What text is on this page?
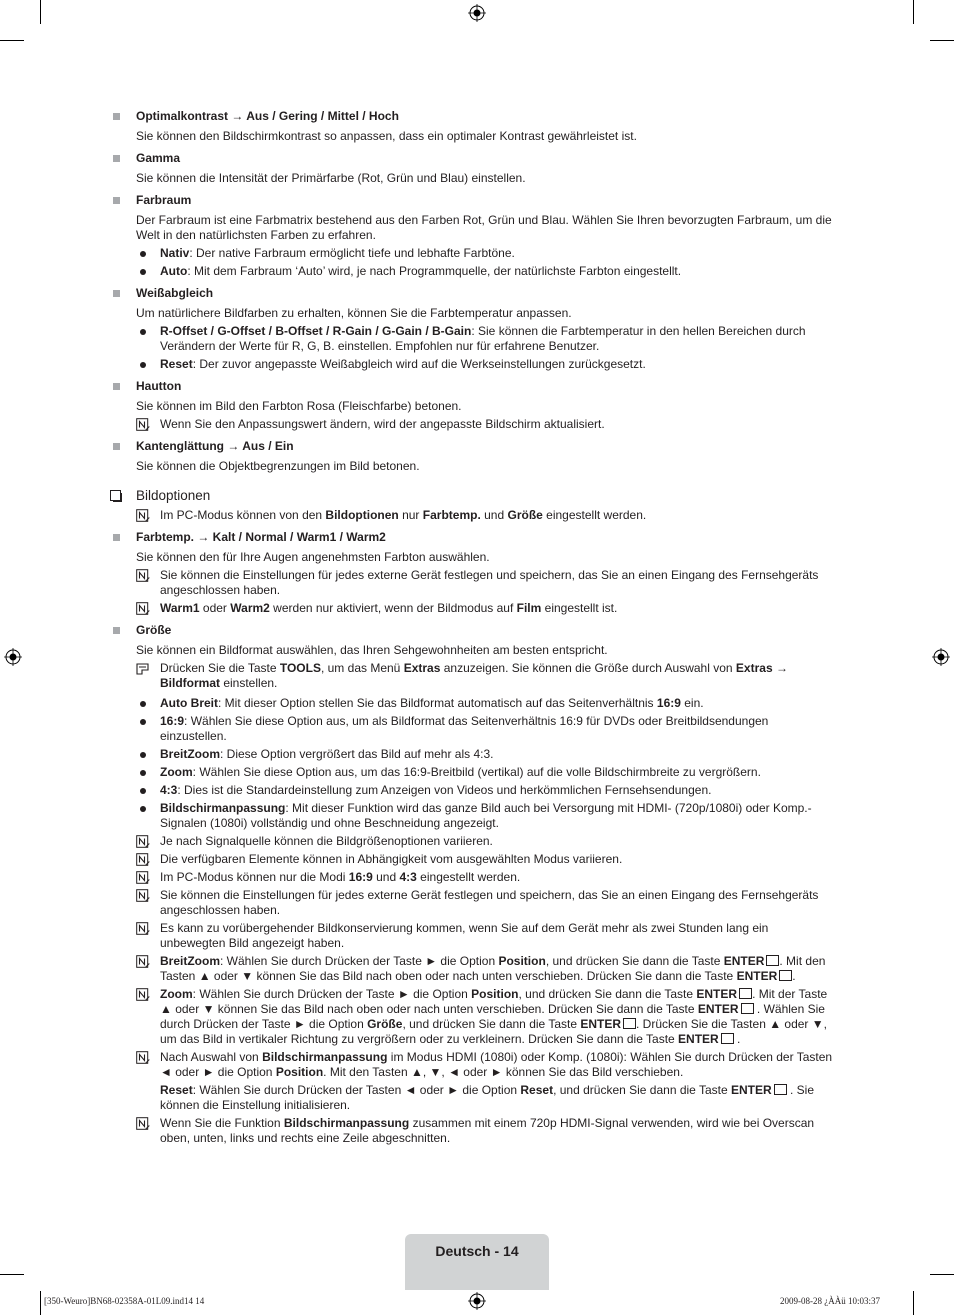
Optimalkontrast → Aus / Gering / Mittel / Hoch

Sie können den Bildschirmkontrast so anpassen, dass ein optimaler Kontrast gewährleistet ist.

Gamma

Sie können die Intensität der Primärfarbe (Rot, Grün und Blau) einstellen.

Farbraum

Der Farbraum ist eine Farbmatrix bestehend aus den Farben Rot, Grün und Blau. Wählen Sie Ihren bevorzugten Farbraum, um die Welt in den natürlichsten Farben zu erfahren.

Nativ: Der native Farbraum ermöglicht tiefe und lebhafte Farbtöne.
Auto: Mit dem Farbraum ‘Auto’ wird, je nach Programmquelle, der natürlichste Farbton eingestellt.
Weißabgleich

Um natürlichere Bildfarben zu erhalten, können Sie die Farbtemperatur anpassen.

R-Offset / G-Offset / B-Offset / R-Gain / G-Gain / B-Gain: Sie können die Farbtemperatur in den hellen Bereichen durch Verändern der Werte für R, G, B. einstellen. Empfohlen nur für erfahrene Benutzer.
Reset: Der zuvor angepasste Weißabgleich wird auf die Werkseinstellungen zurückgesetzt.
Hautton

Sie können im Bild den Farbton Rosa (Fleischfarbe) betonen.

Wenn Sie den Anpassungswert ändern, wird der angepasste Bildschirm aktualisiert.
Kantenglättung → Aus / Ein

Sie können die Objektbegrenzungen im Bild betonen.

Bildoptionen
Im PC-Modus können von den Bildoptionen nur Farbtemp. und Größe eingestellt werden.
Farbtemp. → Kalt / Normal / Warm1 / Warm2

Sie können den für Ihre Augen angenehmsten Farbton auswählen.

Sie können die Einstellungen für jedes externe Gerät festlegen und speichern, das Sie an einen Eingang des Fernsehgeräts angeschlossen haben.
Warm1 oder Warm2 werden nur aktiviert, wenn der Bildmodus auf Film eingestellt ist.
Größe

Sie können ein Bildformat auswählen, das Ihren Sehgewohnheiten am besten entspricht.

Drücken Sie die Taste TOOLS, um das Menü Extras anzuzeigen. Sie können die Größe durch Auswahl von Extras →
Bildformat einstellen.
Auto Breit: Mit dieser Option stellen Sie das Bildformat automatisch auf das Seitenverhältnis 16:9 ein.
16:9: Wählen Sie diese Option aus, um als Bildformat das Seitenverhältnis 16:9 für DVDs oder Breitbildsendungen einzustellen.
BreitZoom: Diese Option vergrößert das Bild auf mehr als 4:3.
Zoom: Wählen Sie diese Option aus, um das 16:9-Breitbild (vertikal) auf die volle Bildschirmbreite zu vergrößern.
4:3: Dies ist die Standardeinstellung zum Anzeigen von Videos und herkömmlichen Fernsehsendungen.
Bildschirmanpassung: Mit dieser Funktion wird das ganze Bild auch bei Versorgung mit HDMI- (720p/1080i) oder Komp.-Signalen (1080i) vollständig und ohne Beschneidung angezeigt.
Je nach Signalquelle können die Bildgrößenoptionen variieren.
Die verfügbaren Elemente können in Abhängigkeit vom ausgewählten Modus variieren.
Im PC-Modus können nur die Modi 16:9 und 4:3 eingestellt werden.
Sie können die Einstellungen für jedes externe Gerät festlegen und speichern, das Sie an einen Eingang des Fernsehgeräts angeschlossen haben.
Es kann zu vorübergehender Bildkonservierung kommen, wenn Sie auf dem Gerät mehr als zwei Stunden lang ein unbewegten Bild angezeigt haben.
BreitZoom: Wählen Sie durch Drücken der Taste ► die Option Position, und drücken Sie dann die Taste ENTER . Mit den Tasten ▲ oder ▼ können Sie das Bild nach oben oder nach unten verschieben. Drücken Sie dann die Taste ENTER .
Zoom: Wählen Sie durch Drücken der Taste ► die Option Position, und drücken Sie dann die Taste ENTER . Mit der Taste ▲ oder ▼ können Sie das Bild nach oben oder nach unten verschieben. Drücken Sie dann die Taste ENTER . Wählen Sie durch Drücken der Taste ► die Option Größe, und drücken Sie dann die Taste ENTER . Drücken Sie die Tasten ▲ oder ▼, um das Bild in vertikaler Richtung zu vergrößern oder zu verkleinern. Drücken Sie dann die Taste ENTER .
Nach Auswahl von Bildschirmanpassung im Modus HDMI (1080i) oder Komp. (1080i): Wählen Sie durch Drücken der Tasten ◄ oder ► die Option Position. Mit den Tasten ▲, ▼, ◄ oder ► können Sie das Bild verschieben.
Reset: Wählen Sie durch Drücken der Tasten ◄ oder ► die Option Reset, und drücken Sie dann die Taste ENTER . Sie können die Einstellung initialisieren.
Wenn Sie die Funktion Bildschirmanpassung zusammen mit einem 720p HDMI-Signal verwenden, wird wie bei Overscan oben, unten, links und rechts eine Zeile abgeschnitten.
Deutsch - 14
[350-Weuro]BN68-02358A-01L09.ind14 14	2009-08-28 ¿ÀÀü 10:03:37
